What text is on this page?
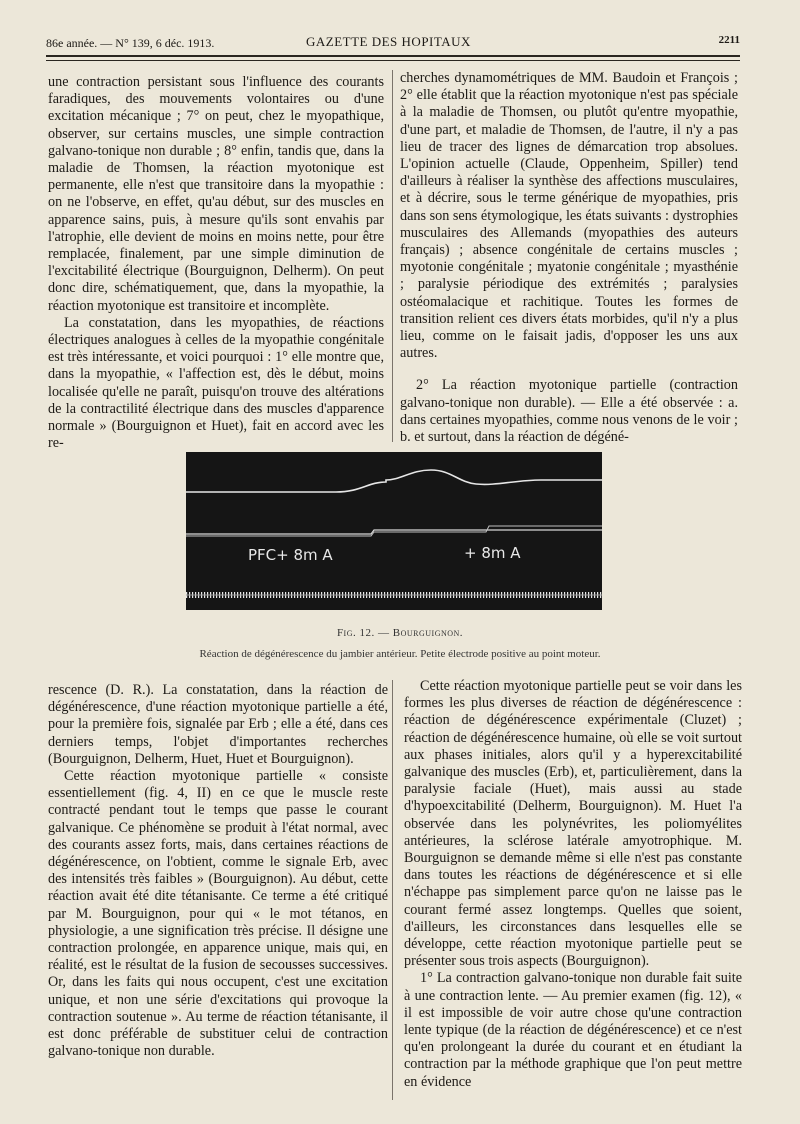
86e année. — N° 139, 6 déc. 1913.	GAZETTE DES HOPITAUX	2211

une contraction persistant sous l'influence des courants faradiques, des mouvements volontaires ou d'une excitation mécanique ; 7° on peut, chez le myopathique, observer, sur certains muscles, une simple contraction galvano-tonique non durable ; 8° enfin, tandis que, dans la maladie de Thomsen, la réaction myotonique est permanente, elle n'est que transitoire dans la myopathie : on ne l'observe, en effet, qu'au début, sur des muscles en apparence sains, puis, à mesure qu'ils sont envahis par l'atrophie, elle devient de moins en moins nette, pour être remplacée, finalement, par une simple diminution de l'excitabilité électrique (Bourguignon, Delherm). On peut donc dire, schématiquement, que, dans la myopathie, la réaction myotonique est transitoire et incomplète.

La constatation, dans les myopathies, de réactions électriques analogues à celles de la myopathie congénitale est très intéressante, et voici pourquoi : 1° elle montre que, dans la myopathie, « l'affection est, dès le début, moins localisée qu'elle ne paraît, puisqu'on trouve des altérations de la contractilité électrique dans des muscles d'apparence normale » (Bourguignon et Huet), fait en accord avec les re-

cherches dynamométriques de MM. Baudoin et François ; 2° elle établit que la réaction myotonique n'est pas spéciale à la maladie de Thomsen, ou plutôt qu'entre myopathie, d'une part, et maladie de Thomsen, de l'autre, il n'y a pas lieu de tracer des lignes de démarcation trop absolues. L'opinion actuelle (Claude, Oppenheim, Spiller) tend d'ailleurs à réaliser la synthèse des affections musculaires, et à décrire, sous le terme générique de myopathies, pris dans son sens étymologique, les états suivants : dystrophies musculaires des Allemands (myopathies des auteurs français) ; absence congénitale de certains muscles ; myotonie congénitale ; myatonie congénitale ; myasthénie ; paralysie périodique des extrémités ; paralysies ostéomalacique et rachitique. Toutes les formes de transition relient ces divers états morbides, qu'il n'y a plus lieu, comme on le faisait jadis, d'opposer les uns aux autres.

2° La réaction myotonique partielle (contraction galvano-tonique non durable). — Elle a été observée : a. dans certaines myopathies, comme nous venons de le voir ; b. et surtout, dans la réaction de dégéné-

PFC+ 8m A	+ 8m A
Fig. 12. — Bourguignon.
Réaction de dégénérescence du jambier antérieur. Petite électrode positive au point moteur.

rescence (D. R.). La constatation, dans la réaction de dégénérescence, d'une réaction myotonique partielle a été, pour la première fois, signalée par Erb ; elle a été, dans ces derniers temps, l'objet d'importantes recherches (Bourguignon, Delherm, Huet, Huet et Bourguignon).

Cette réaction myotonique partielle « consiste essentiellement (fig. 4, II) en ce que le muscle reste contracté pendant tout le temps que passe le courant galvanique. Ce phénomène se produit à l'état normal, avec des courants assez forts, mais, dans certaines réactions de dégénérescence, on l'obtient, comme le signale Erb, avec des intensités très faibles » (Bourguignon). Au début, cette réaction avait été dite tétanisante. Ce terme a été critiqué par M. Bourguignon, pour qui « le mot tétanos, en physiologie, a une signification très précise. Il désigne une contraction prolongée, en apparence unique, mais qui, en réalité, est le résultat de la fusion de secousses successives. Or, dans les faits qui nous occupent, c'est une excitation unique, et non une série d'excitations qui provoque la contraction soutenue ». Au terme de réaction tétanisante, il est donc préférable de substituer celui de contraction galvano-tonique non durable.

Cette réaction myotonique partielle peut se voir dans les formes les plus diverses de réaction de dégénérescence : réaction de dégénérescence expérimentale (Cluzet) ; réaction de dégénérescence humaine, où elle se voit surtout aux phases initiales, alors qu'il y a hyperexcitabilité galvanique des muscles (Erb), et, particulièrement, dans la paralysie faciale (Huet), mais aussi au stade d'hypoexcitabilité (Delherm, Bourguignon). M. Huet l'a observée dans les polynévrites, les poliomyélites antérieures, la sclérose latérale amyotrophique. M. Bourguignon se demande même si elle n'est pas constante dans toutes les réactions de dégénérescence et si elle n'échappe pas simplement parce qu'on ne laisse pas le courant fermé assez longtemps. Quelles que soient, d'ailleurs, les circonstances dans lesquelles elle se développe, cette réaction myotonique partielle peut se présenter sous trois aspects (Bourguignon).

1° La contraction galvano-tonique non durable fait suite à une contraction lente. — Au premier examen (fig. 12), « il est impossible de voir autre chose qu'une contraction lente typique (de la réaction de dégénérescence) et ce n'est qu'en prolongeant la durée du courant et en étudiant la contraction par la méthode graphique que l'on peut mettre en évidence
